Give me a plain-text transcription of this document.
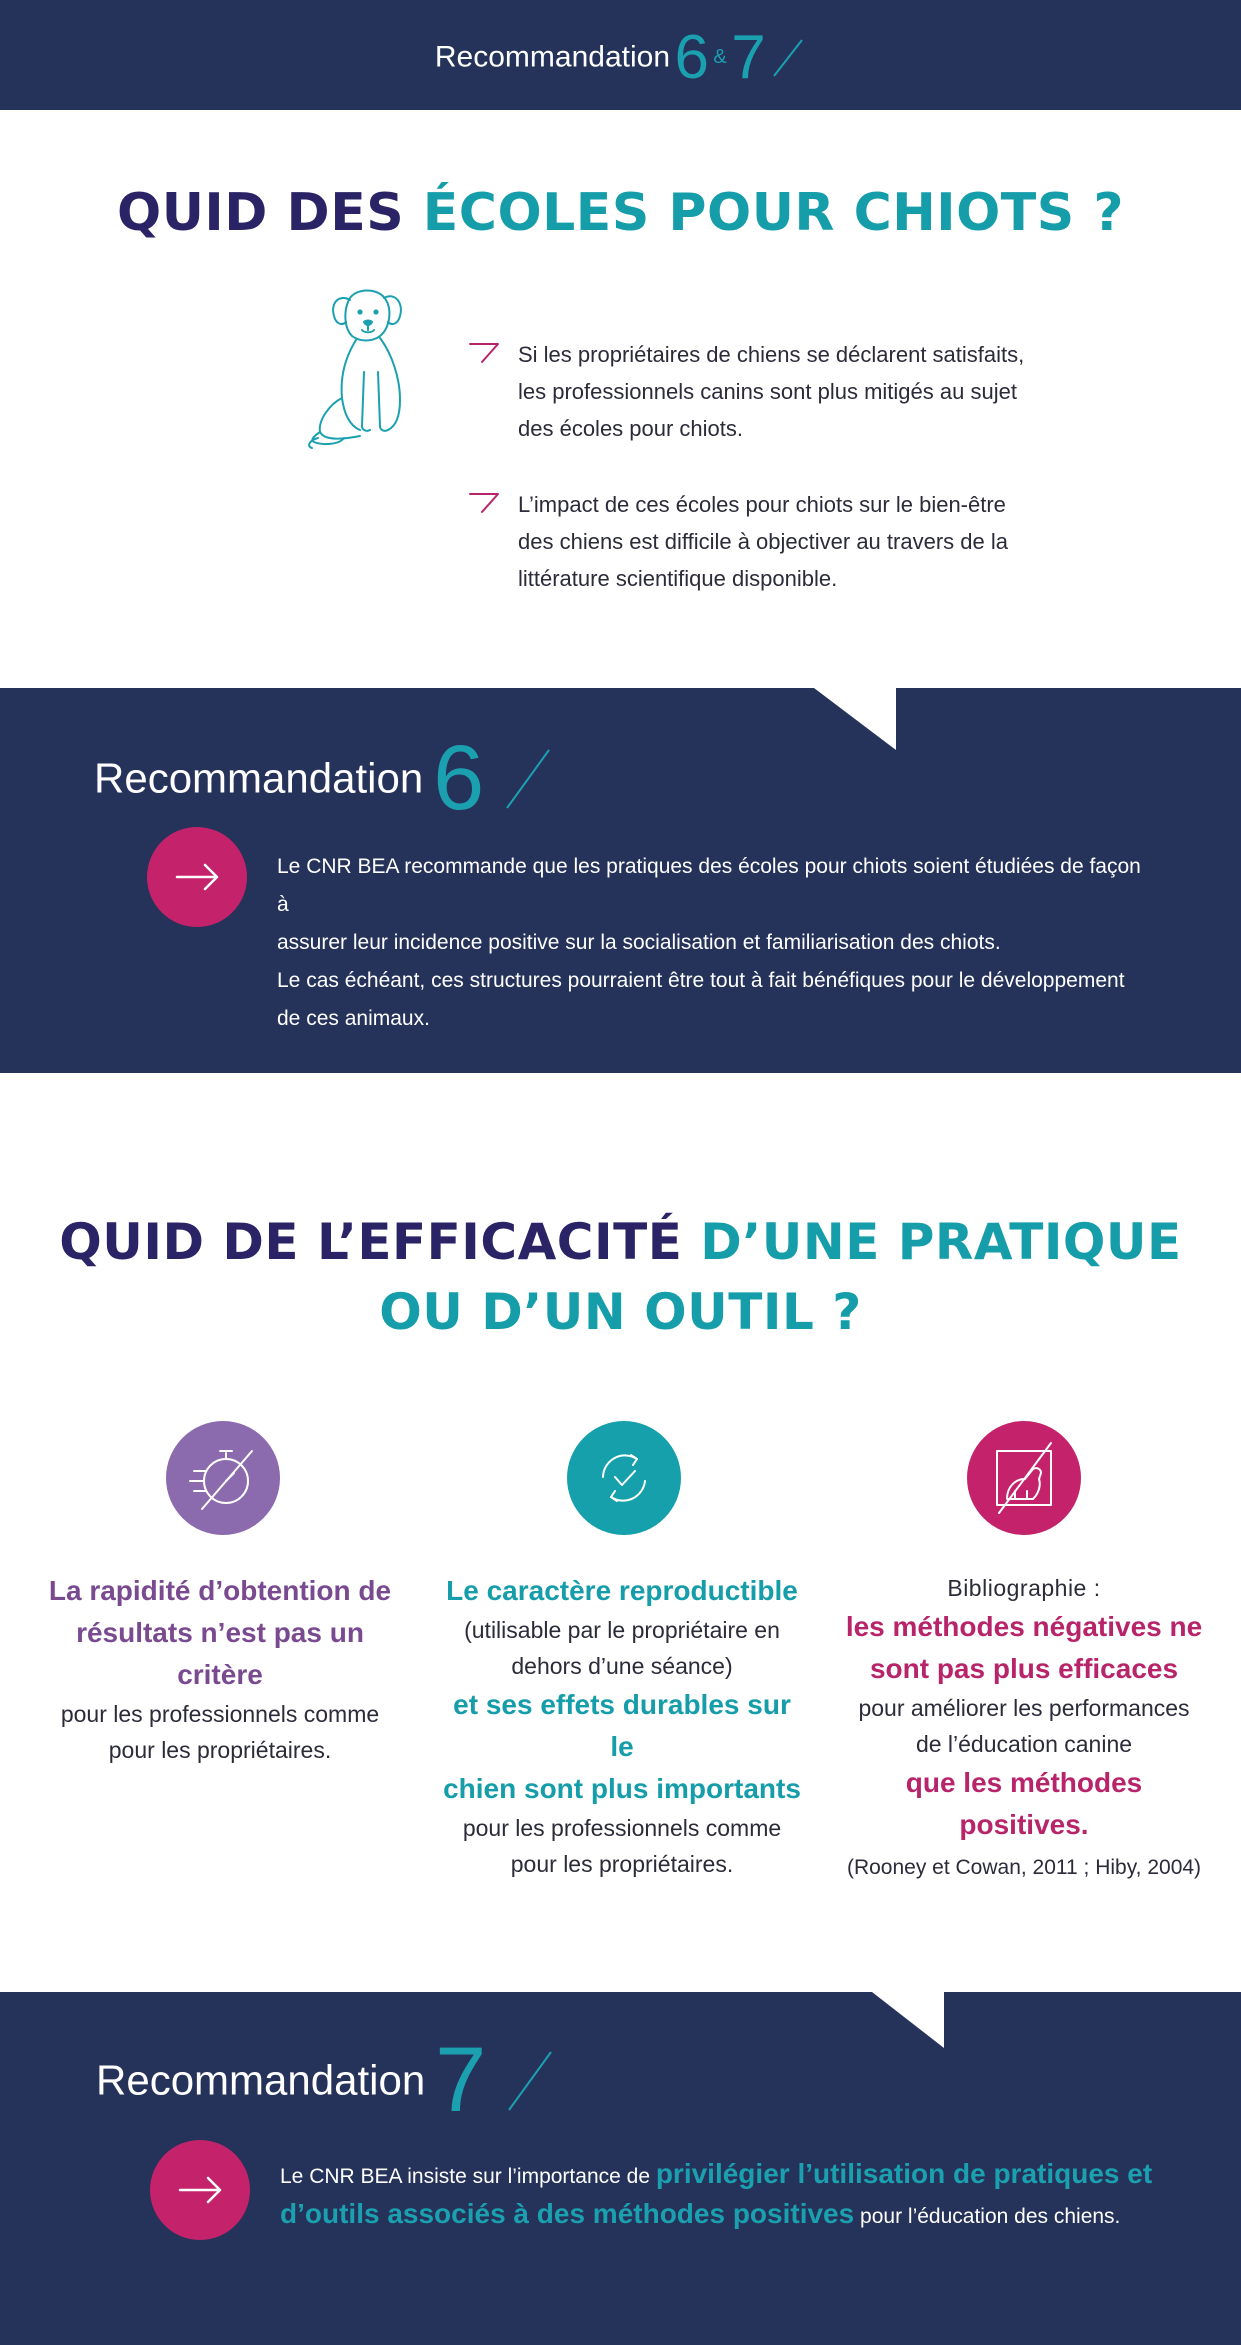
Recommandation 6 & 7
QUID DES ÉCOLES POUR CHIOTS ?
Si les propriétaires de chiens se déclarent satisfaits,
les professionnels canins sont plus mitigés au sujet
des écoles pour chiots.
L’impact de ces écoles pour chiots sur le bien-être
des chiens est difficile à objectiver au travers de la
littérature scientifique disponible.
Recommandation 6
Le CNR BEA recommande que les pratiques des écoles pour chiots soient étudiées de façon à
assurer leur incidence positive sur la socialisation et familiarisation des chiots.
Le cas échéant, ces structures pourraient être tout à fait bénéfiques pour le développement
de ces animaux.
QUID DE L’EFFICACITÉ D’UNE PRATIQUE
OU D’UN OUTIL ?
La rapidité d’obtention de
résultats n’est pas un critère
pour les professionnels comme
pour les propriétaires.
Le caractère reproductible
(utilisable par le propriétaire en
dehors d’une séance)
et ses effets durables sur le
chien sont plus importants
pour les professionnels comme
pour les propriétaires.
Bibliographie :
les méthodes négatives ne
sont pas plus efficaces
pour améliorer les performances
de l’éducation canine
que les méthodes
positives.
(Rooney et Cowan, 2011 ; Hiby, 2004)
Recommandation 7
Le CNR BEA insiste sur l’importance de privilégier l’utilisation de pratiques et
d’outils associés à des méthodes positives pour l’éducation des chiens.
